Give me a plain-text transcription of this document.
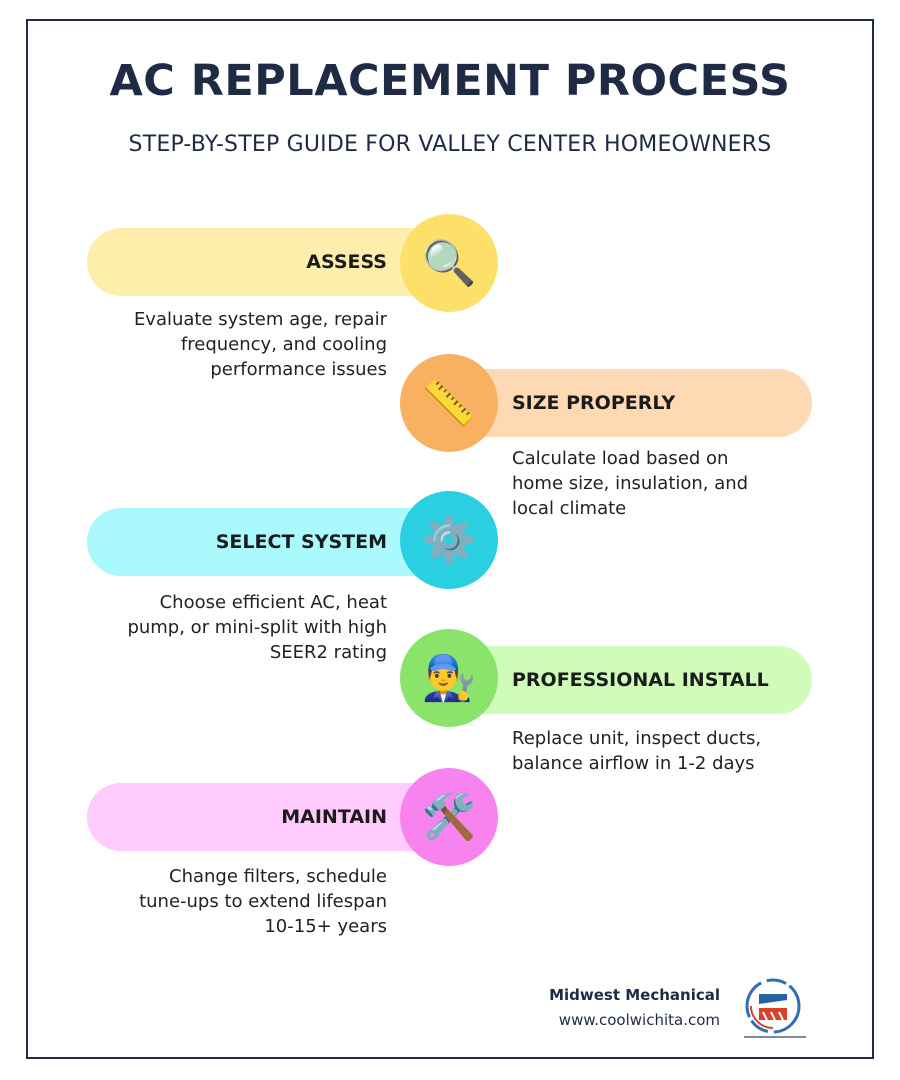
AC REPLACEMENT PROCESS
STEP-BY-STEP GUIDE FOR VALLEY CENTER HOMEOWNERS
ASSESS 🔍
Evaluate system age, repair
frequency, and cooling
performance issues
SIZE PROPERLY
📏
Calculate load based on
home size, insulation, and
local climate
SELECT SYSTEM ⚙️
Choose efficient AC, heat
pump, or mini-split with high
SEER2 rating
PROFESSIONAL INSTALL
👨‍🔧
Replace unit, inspect ducts,
balance airflow in 1-2 days
MAINTAIN 🛠️
Change filters, schedule
tune-ups to extend lifespan
10-15+ years
Midwest Mechanical
www.coolwichita.com
